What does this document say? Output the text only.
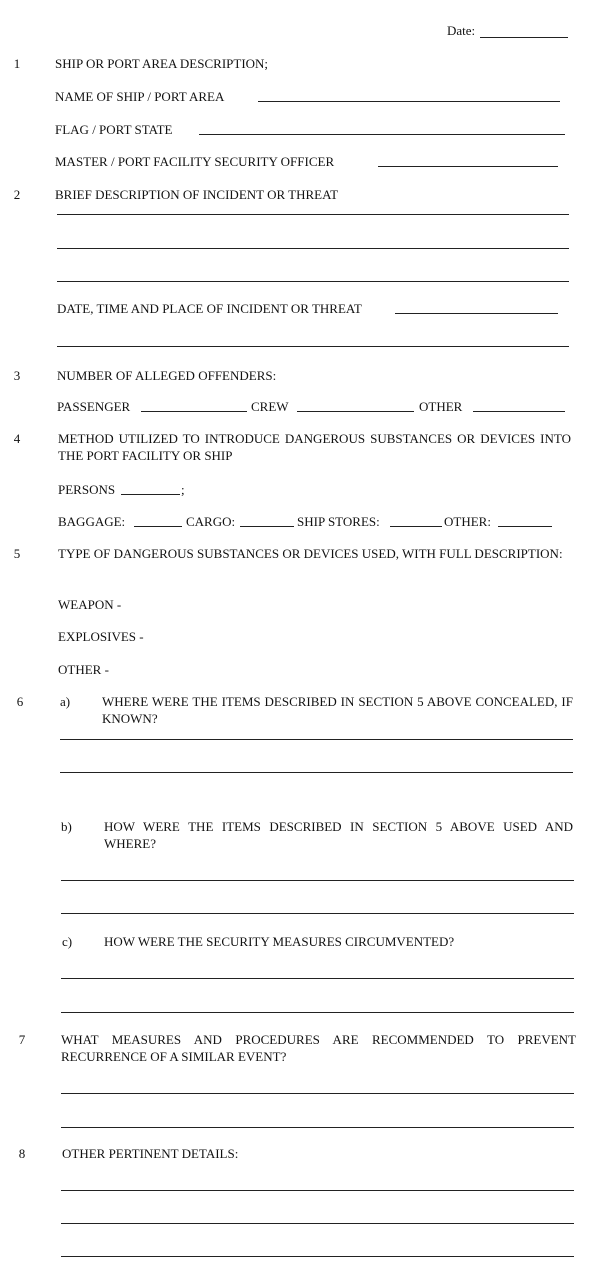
Date:
1	SHIP OR PORT AREA DESCRIPTION;
NAME OF SHIP / PORT AREA
FLAG / PORT STATE
MASTER / PORT FACILITY SECURITY OFFICER
2	BRIEF DESCRIPTION OF INCIDENT OR THREAT
DATE, TIME AND PLACE OF INCIDENT OR THREAT
3	NUMBER OF ALLEGED OFFENDERS:
PASSENGER	CREW	OTHER
4	METHOD UTILIZED TO INTRODUCE DANGEROUS SUBSTANCES OR DEVICES INTO THE PORT FACILITY OR SHIP
PERSONS	;
BAGGAGE:	CARGO:	SHIP STORES:	OTHER:
5	TYPE OF DANGEROUS SUBSTANCES OR DEVICES USED, WITH FULL DESCRIPTION:
WEAPON -
EXPLOSIVES -
OTHER -
6	a) WHERE WERE THE ITEMS DESCRIBED IN SECTION 5 ABOVE CONCEALED, IF KNOWN?
b) HOW WERE THE ITEMS DESCRIBED IN SECTION 5 ABOVE USED AND WHERE?
c) HOW WERE THE SECURITY MEASURES CIRCUMVENTED?
7	WHAT MEASURES AND PROCEDURES ARE RECOMMENDED TO PREVENT RECURRENCE OF A SIMILAR EVENT?
8	OTHER PERTINENT DETAILS:
